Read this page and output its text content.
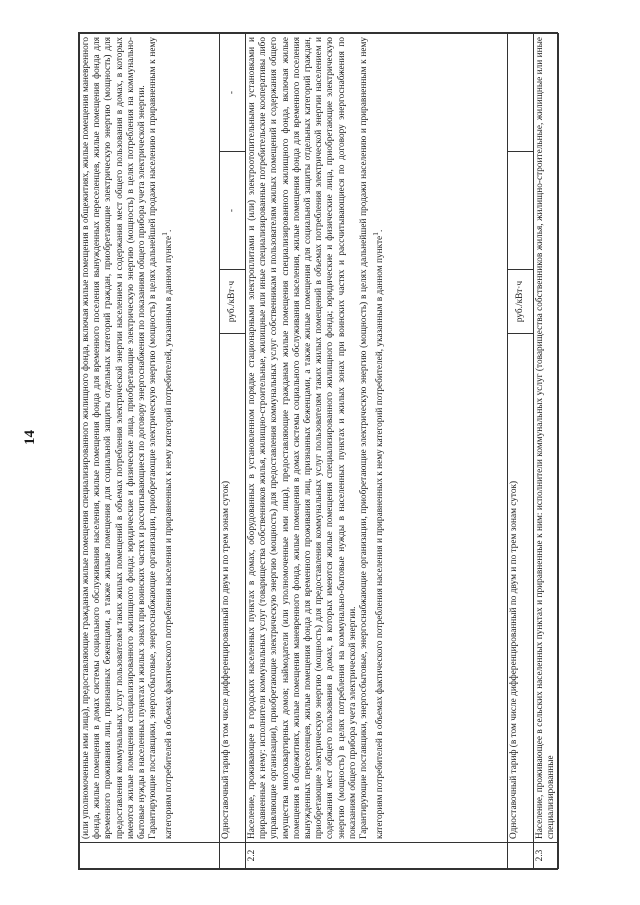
14

	(или уполномоченные ими лица), предоставляющие гражданам жилые помещения специализированного жилищного фонда, включая жилые помещения в общежитиях, жилые помещения маневренного фонда, жилые помещения в домах системы социального обслуживания населения, жилые помещения фонда для временного поселения вынужденных переселенцев, жилые помещения фонда для временного проживания лиц, признанных беженцами, а также жилые помещения для социальной защиты отдельных категорий граждан, приобретающие электрическую энергию (мощность) для предоставления коммунальных услуг пользователям таких жилых помещений в объемах потребления электрической энергии населением и содержания мест общего пользования в домах, в которых имеются жилые помещения специализированного жилищного фонда; юридические и физические лица, приобретающие электрическую энергию (мощность) в целях потребления на коммунально-бытовые нужды в населенных пунктах и жилых зонах при воинских частях и рассчитывающиеся по договору энергоснабжения по показаниям общего прибора учета электрической энергии. Гарантирующие поставщики, энергосбытовые, энергоснабжающие организации, приобретающие электрическую энергию (мощность) в целях дальнейшей продажи населению и приравненным к нему категориям потребителей в объемах фактического потребления населения и приравненных к нему категорий потребителей, указанным в данном пункте$^1$.			

	Одноставочный тариф (в том числе дифференцированный по двум и по трем зонам суток)	руб./кВт·ч	-	-
2.2	Население, проживающее в городских населенных пунктах в домах, оборудованных в установленном порядке стационарными электроплитами и (или) электроотопительными установками и приравненные к нему: исполнители коммунальных услуг (товарищества собственников жилья, жилищно-строительные, жилищные или иные специализированные потребительские кооперативы либо управляющие организации), приобретающие электрическую энергию (мощность) для предоставления коммунальных услуг собственникам и пользователям жилых помещений и содержания общего имущества многоквартирных домов; наймодатели (или уполномоченные ими лица), предоставляющие гражданам жилые помещения специализированного жилищного фонда, включая жилые помещения в общежитиях, жилые помещения маневренного фонда, жилые помещения в домах системы социального обслуживания населения, жилые помещения фонда для временного поселения вынужденных переселенцев, жилые помещения фонда для временного проживания лиц, признанных беженцами, а также жилые помещения для социальной защиты отдельных категорий граждан, приобретающие электрическую энергию (мощность) для предоставления коммунальных услуг пользователям таких жилых помещений в объемах потребления электрической энергии населением и содержания мест общего пользования в домах, в которых имеются жилые помещения специализированного жилищного фонда; юридические и физические лица, приобретающие электрическую энергию (мощность) в целях потребления на коммунально-бытовые нужды в населенных пунктах и жилых зонах при воинских частях и рассчитывающиеся по договору энергоснабжения по показаниям общего прибора учета электрической энергии. Гарантирующие поставщики, энергосбытовые, энергоснабжающие организации, приобретающие электрическую энергию (мощность) в целях дальнейшей продажи населению и приравненным к нему категориям потребителей в объемах фактического потребления населения и приравненных к нему категорий потребителей, указанным в данном пункте$^1$.			

	Одноставочный тариф (в том числе дифференцированный по двум и по трем зонам суток)	руб./кВт·ч		
2.3	Население, проживающее в сельских населенных пунктах и приравненные к ним: исполнители коммунальных услуг (товарищества собственников жилья, жилищно-строительные, жилищные или иные специализированные			
